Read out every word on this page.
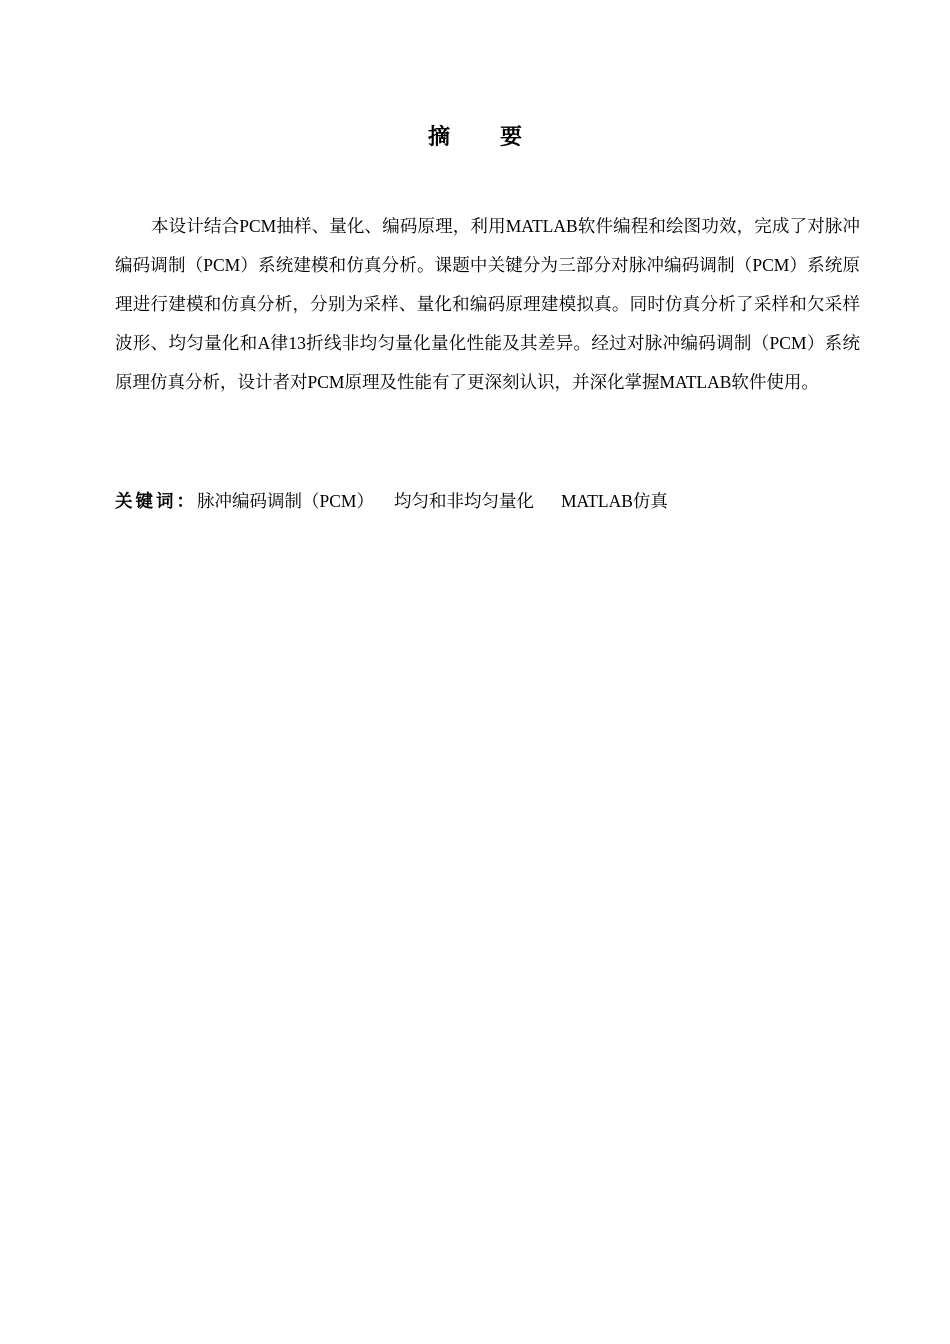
摘 要

本设计结合PCM抽样、量化、编码原理，利用MATLAB软件编程和绘图功效，完成了对脉冲编码调制（PCM）系统建模和仿真分析。课题中关键分为三部分对脉冲编码调制（PCM）系统原理进行建模和仿真分析，分别为采样、量化和编码原理建模拟真。同时仿真分析了采样和欠采样波形、均匀量化和A律13折线非均匀量化量化性能及其差异。经过对脉冲编码调制（PCM）系统原理仿真分析，设计者对PCM原理及性能有了更深刻认识，并深化掌握MATLAB软件使用。

关键词：脉冲编码调制（PCM） 均匀和非均匀量化 MATLAB仿真
